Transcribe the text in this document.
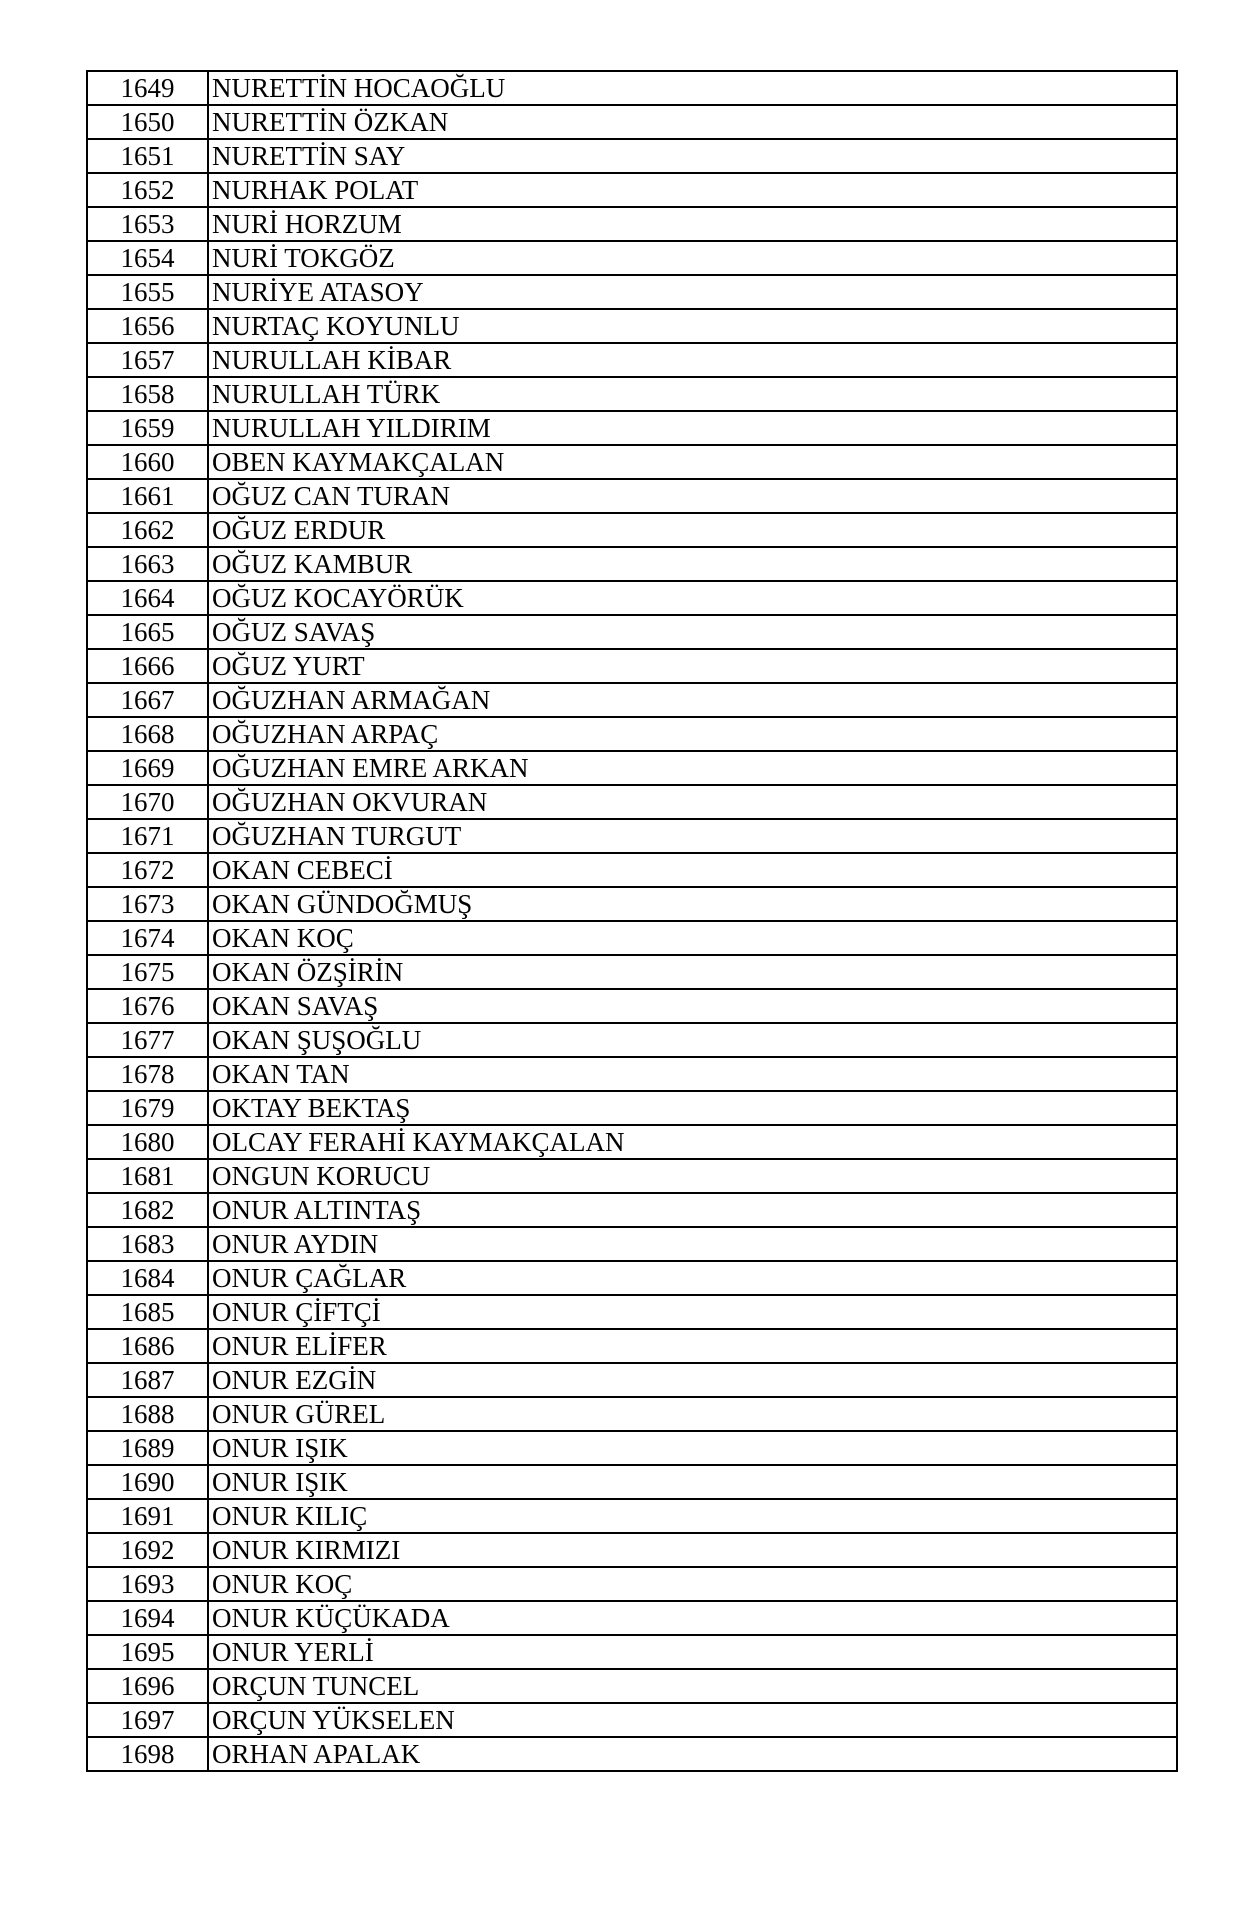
1649	NURETTİN HOCAOĞLU
1650	NURETTİN ÖZKAN
1651	NURETTİN SAY
1652	NURHAK POLAT
1653	NURİ HORZUM
1654	NURİ TOKGÖZ
1655	NURİYE ATASOY
1656	NURTAÇ KOYUNLU
1657	NURULLAH KİBAR
1658	NURULLAH TÜRK
1659	NURULLAH YILDIRIM
1660	OBEN KAYMAKÇALAN
1661	OĞUZ CAN TURAN
1662	OĞUZ ERDUR
1663	OĞUZ KAMBUR
1664	OĞUZ KOCAYÖRÜK
1665	OĞUZ SAVAŞ
1666	OĞUZ YURT
1667	OĞUZHAN ARMAĞAN
1668	OĞUZHAN ARPAÇ
1669	OĞUZHAN EMRE ARKAN
1670	OĞUZHAN OKVURAN
1671	OĞUZHAN TURGUT
1672	OKAN CEBECİ
1673	OKAN GÜNDOĞMUŞ
1674	OKAN KOÇ
1675	OKAN ÖZŞİRİN
1676	OKAN SAVAŞ
1677	OKAN ŞUŞOĞLU
1678	OKAN TAN
1679	OKTAY BEKTAŞ
1680	OLCAY FERAHİ KAYMAKÇALAN
1681	ONGUN KORUCU
1682	ONUR ALTINTAŞ
1683	ONUR AYDIN
1684	ONUR ÇAĞLAR
1685	ONUR ÇİFTÇİ
1686	ONUR ELİFER
1687	ONUR EZGİN
1688	ONUR GÜREL
1689	ONUR IŞIK
1690	ONUR IŞIK
1691	ONUR KILIÇ
1692	ONUR KIRMIZI
1693	ONUR KOÇ
1694	ONUR KÜÇÜKADA
1695	ONUR YERLİ
1696	ORÇUN TUNCEL
1697	ORÇUN YÜKSELEN
1698	ORHAN APALAK
